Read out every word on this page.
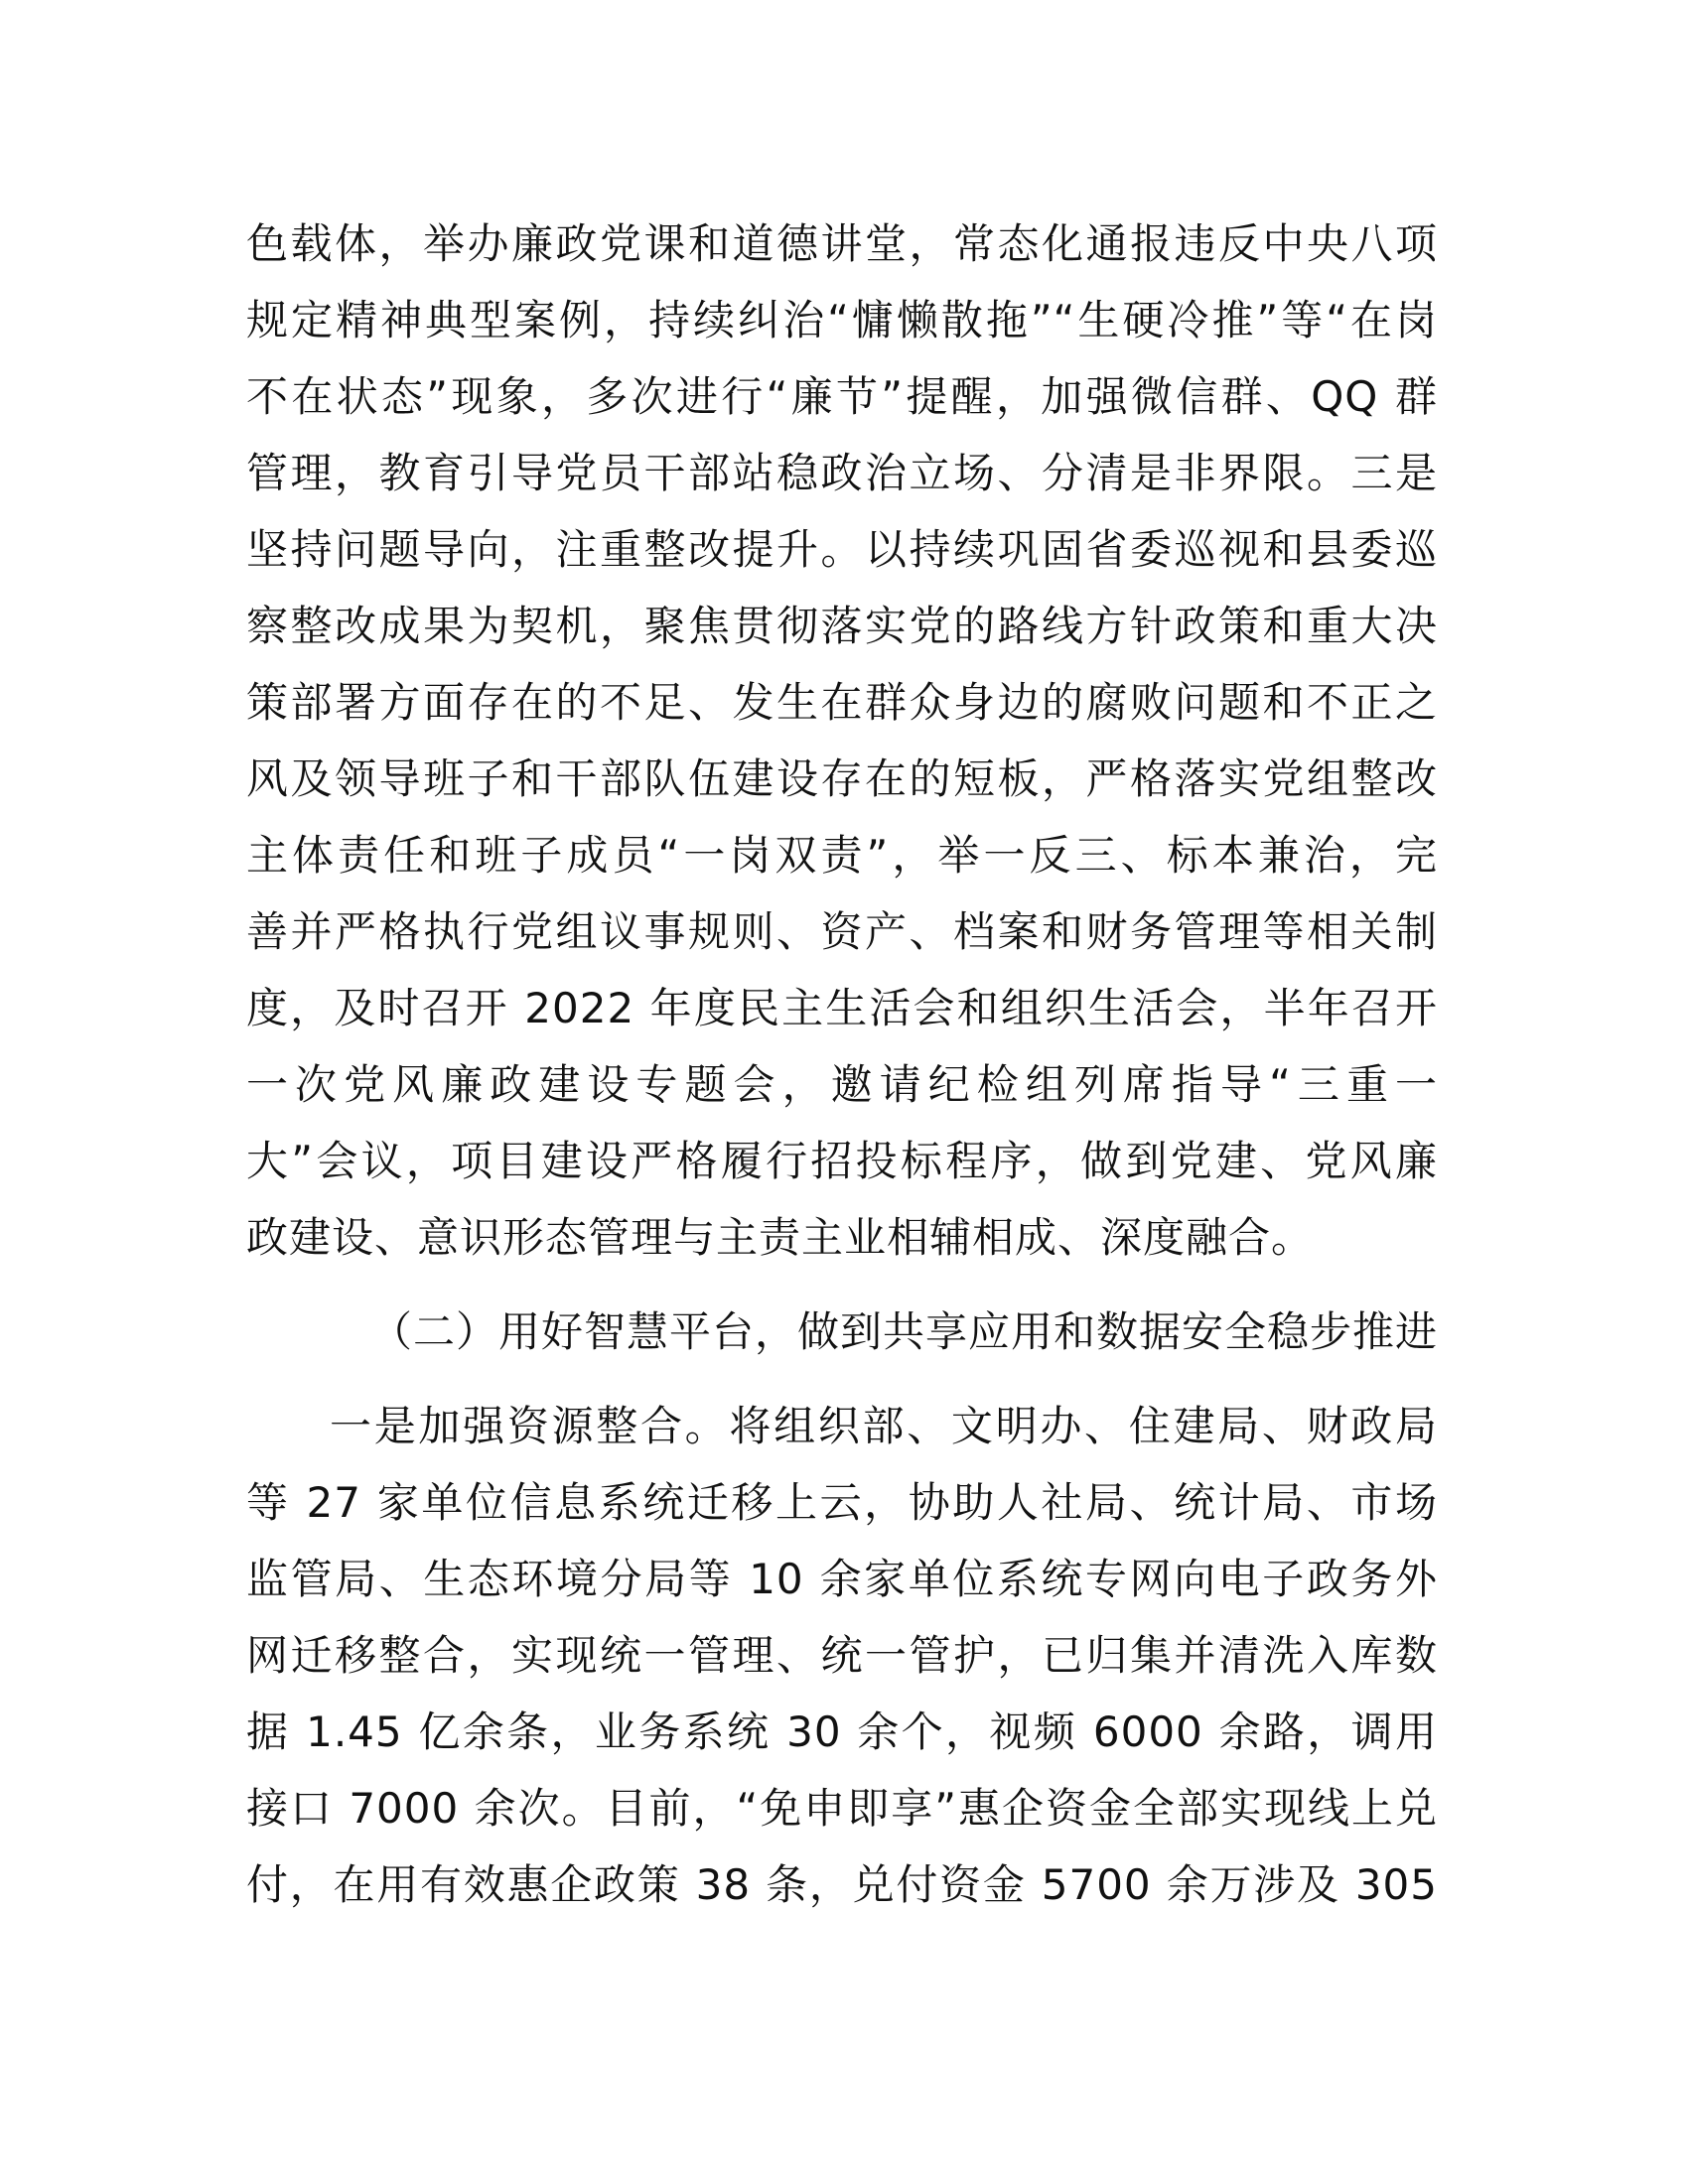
色载体，举办廉政党课和道德讲堂，常态化通报违反中央八项
规定精神典型案例，持续纠治“慵懒散拖”“生硬冷推”等“在岗
不在状态”现象，多次进行“廉节”提醒，加强微信群、QQ 群
管理，教育引导党员干部站稳政治立场、分清是非界限。三是
坚持问题导向，注重整改提升。以持续巩固省委巡视和县委巡
察整改成果为契机，聚焦贯彻落实党的路线方针政策和重大决
策部署方面存在的不足、发生在群众身边的腐败问题和不正之
风及领导班子和干部队伍建设存在的短板，严格落实党组整改
主体责任和班子成员“一岗双责”，举一反三、标本兼治，完
善并严格执行党组议事规则、资产、档案和财务管理等相关制
度，及时召开 2022 年度民主生活会和组织生活会，半年召开
一次党风廉政建设专题会，邀请纪检组列席指导“三重一
大”会议，项目建设严格履行招投标程序，做到党建、党风廉
政建设、意识形态管理与主责主业相辅相成、深度融合。
（二）用好智慧平台，做到共享应用和数据安全稳步推进
一是加强资源整合。将组织部、文明办、住建局、财政局
等 27 家单位信息系统迁移上云，协助人社局、统计局、市场
监管局、生态环境分局等 10 余家单位系统专网向电子政务外
网迁移整合，实现统一管理、统一管护，已归集并清洗入库数
据 1.45 亿余条，业务系统 30 余个，视频 6000 余路，调用
接口 7000 余次。目前，“免申即享”惠企资金全部实现线上兑
付，在用有效惠企政策 38 条，兑付资金 5700 余万涉及 305
